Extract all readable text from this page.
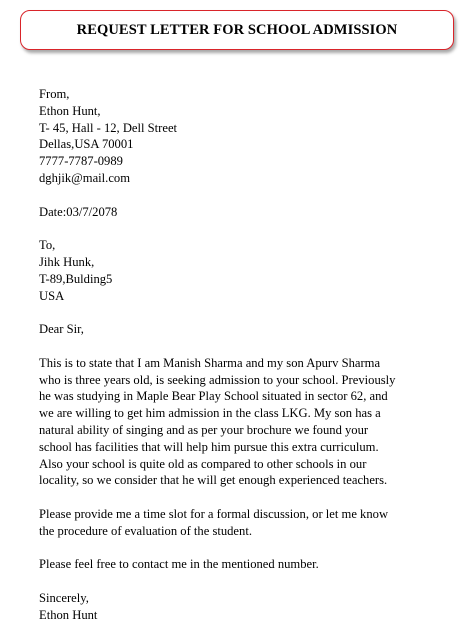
REQUEST LETTER FOR SCHOOL ADMISSION
From,
Ethon Hunt,
T- 45, Hall - 12, Dell Street
Dellas,USA 70001
7777-7787-0989
dghjik@mail.com
Date:03/7/2078
To,
Jihk Hunk,
T-89,Bulding5
USA
Dear Sir,
This is to state that I am Manish Sharma and my son Apurv Sharma
who is three years old, is seeking admission to your school. Previously
he was studying in Maple Bear Play School situated in sector 62, and
we are willing to get him admission in the class LKG. My son has a
natural ability of singing and as per your brochure we found your
school has facilities that will help him pursue this extra curriculum.
Also your school is quite old as compared to other schools in our
locality, so we consider that he will get enough experienced teachers.
Please provide me a time slot for a formal discussion, or let me know
the procedure of evaluation of the student.
Please feel free to contact me in the mentioned number.
Sincerely,
Ethon Hunt
